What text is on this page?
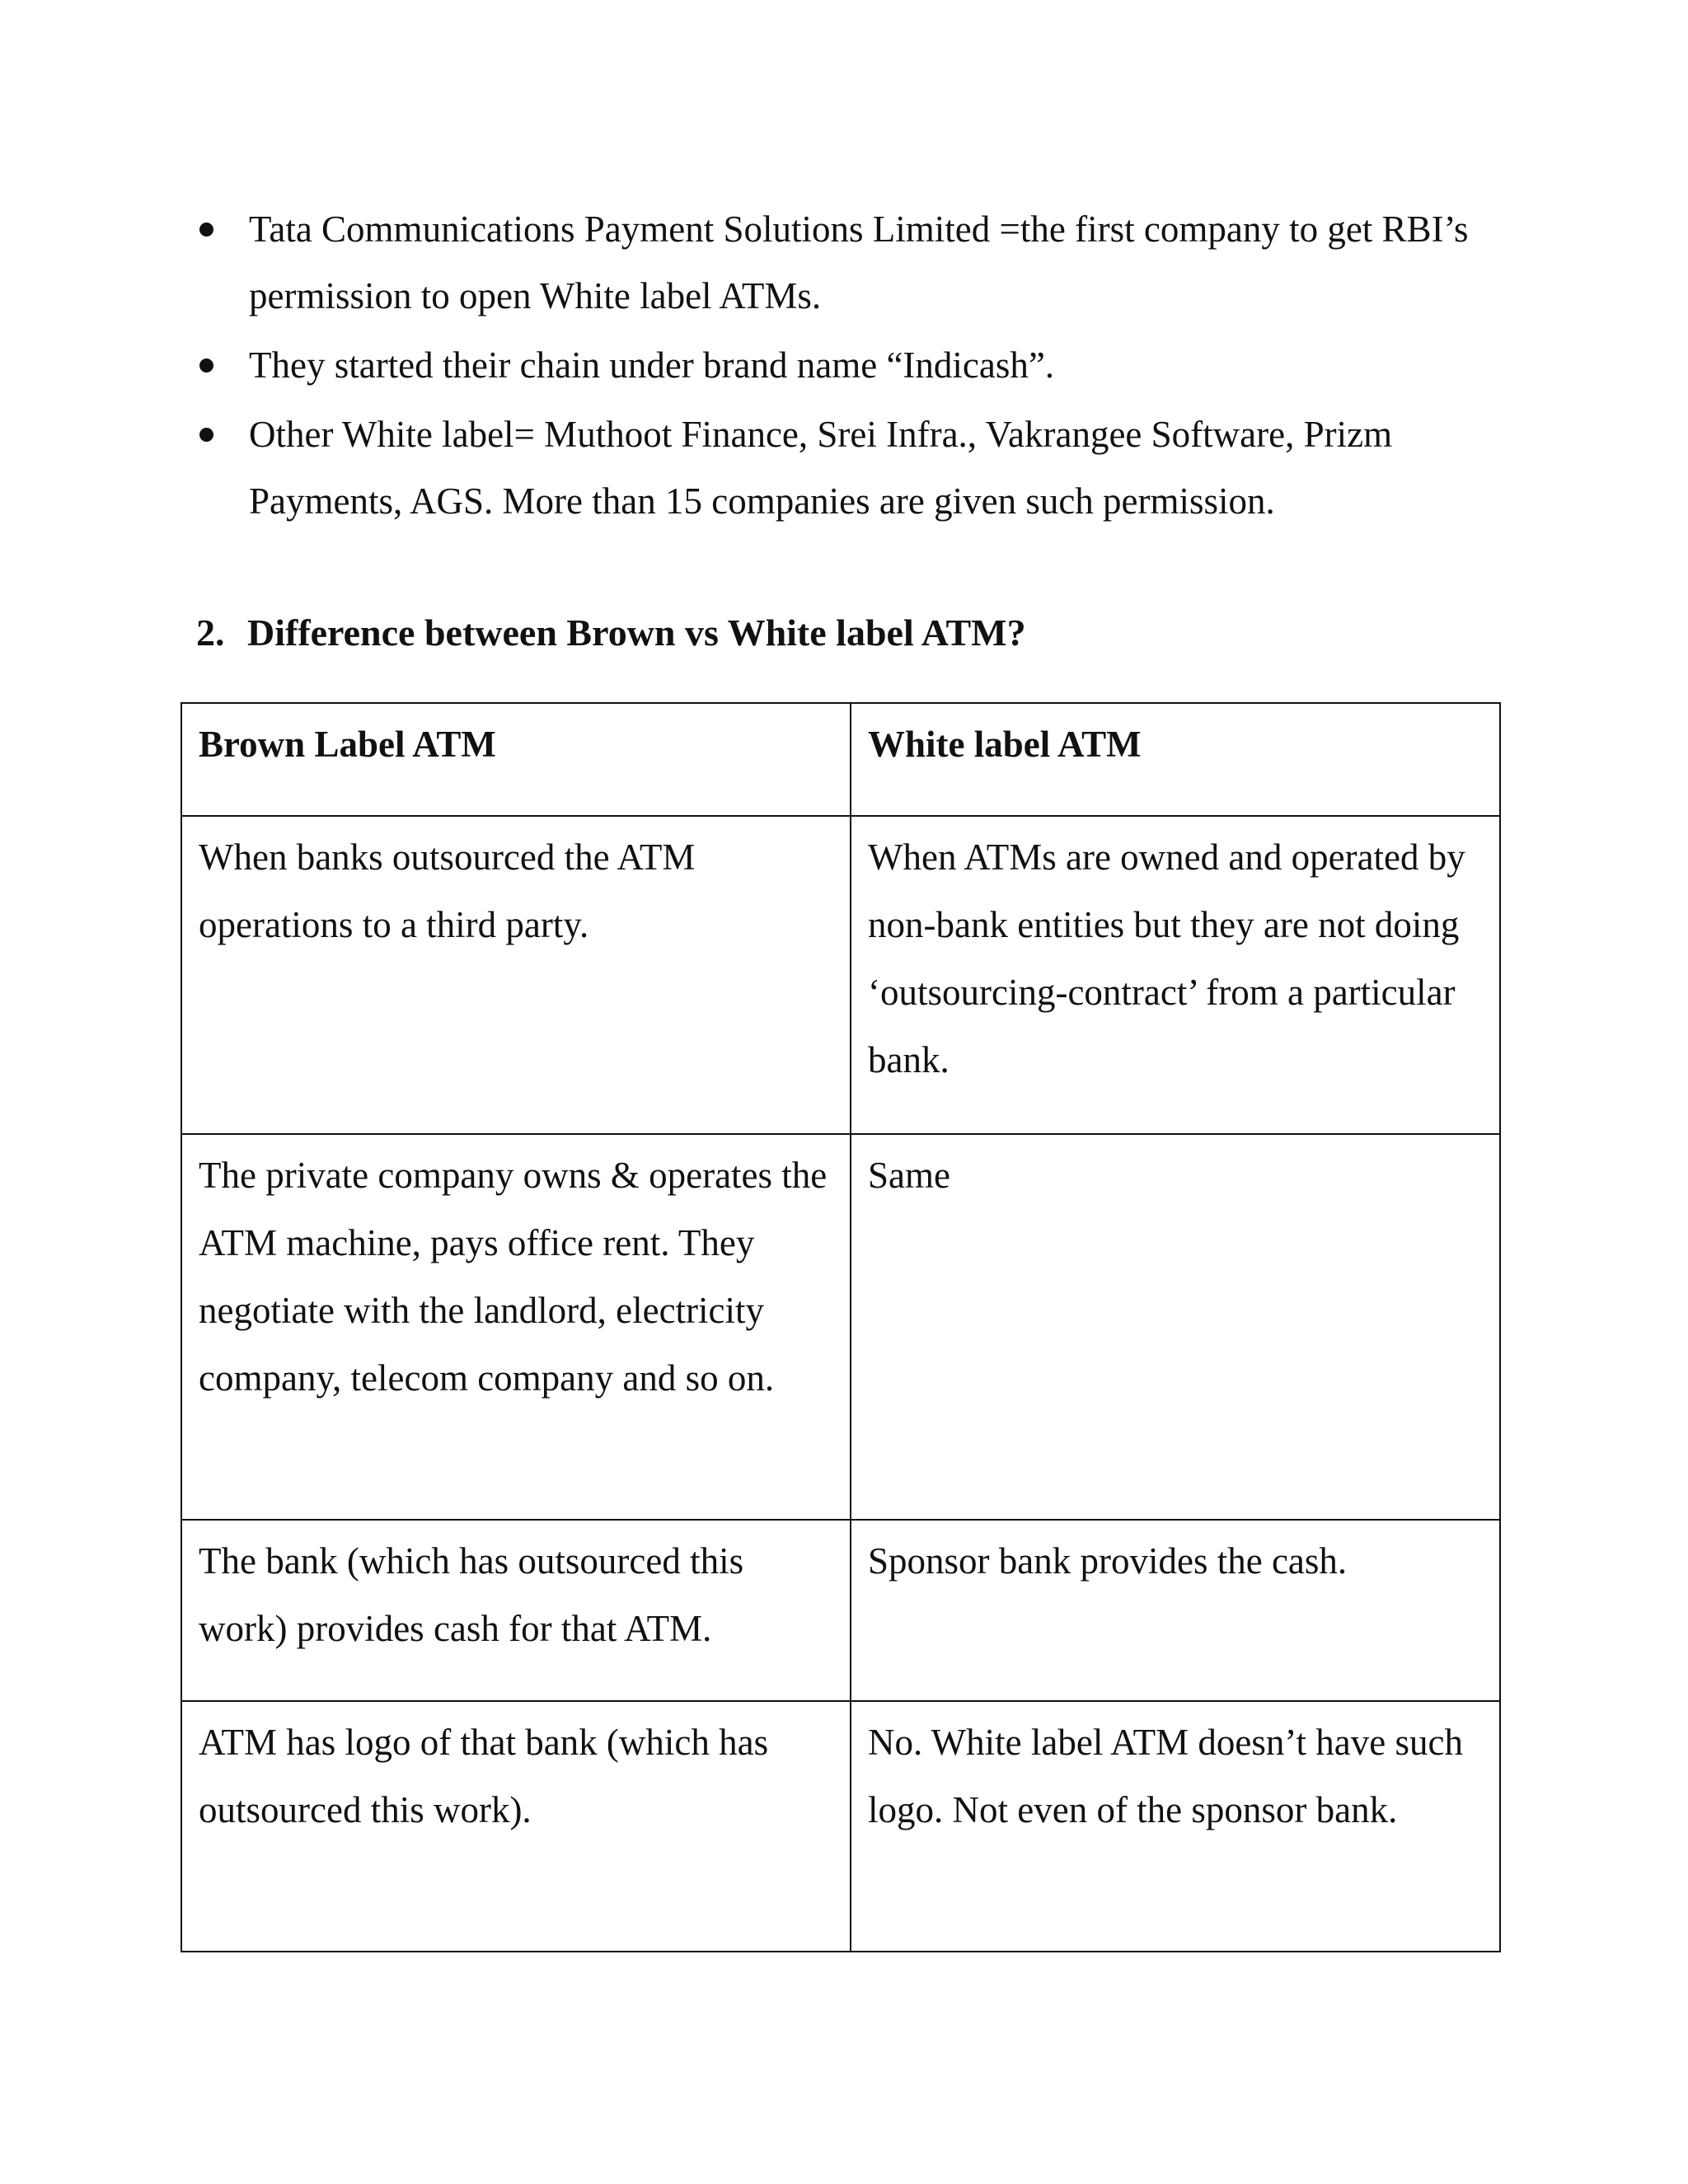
Tata Communications Payment Solutions Limited =the first company to get RBI’s permission to open White label ATMs.
They started their chain under brand name “Indicash”.
Other White label= Muthoot Finance, Srei Infra., Vakrangee Software, Prizm Payments, AGS. More than 15 companies are given such permission.
2. Difference between Brown vs White label ATM?
Brown Label ATM	White label ATM

When banks outsourced the ATM operations to a third party.	When ATMs are owned and operated by non-bank entities but they are not doing ‘outsourcing-contract’ from a particular bank.

The private company owns & operates the ATM machine, pays office rent. They negotiate with the landlord, electricity company, telecom company and so on.	Same

The bank (which has outsourced this work) provides cash for that ATM.	Sponsor bank provides the cash.

ATM has logo of that bank (which has outsourced this work).	No. White label ATM doesn’t have such logo. Not even of the sponsor bank.
